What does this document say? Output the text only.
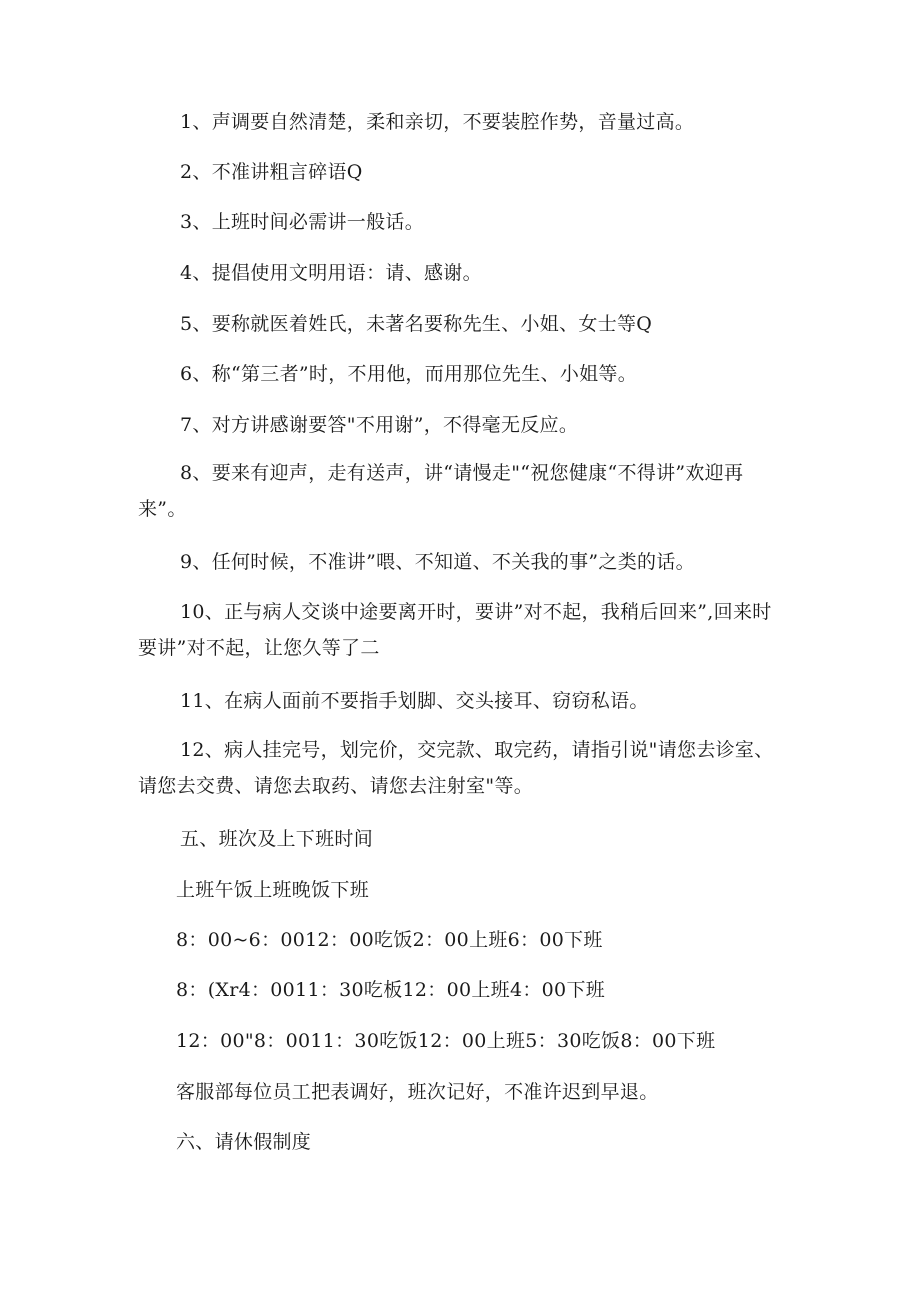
1、声调要自然清楚，柔和亲切，不要装腔作势，音量过高。

2、不准讲粗言碎语Q

3、上班时间必需讲一般话。

4、提倡使用文明用语：请、感谢。

5、要称就医着姓氏，未著名要称先生、小姐、女士等Q

6、称“第三者”时，不用他，而用那位先生、小姐等。

7、对方讲感谢要答"不用谢”，不得毫无反应。

8、要来有迎声，走有送声，讲“请慢走"“祝您健康“不得讲”欢迎再来”。

9、任何时候，不准讲”喂、不知道、不关我的事”之类的话。

10、正与病人交谈中途要离开时，要讲”对不起，我稍后回来”,回来时要讲”对不起，让您久等了二

11、在病人面前不要指手划脚、交头接耳、窃窃私语。

12、病人挂完号，划完价，交完款、取完药，请指引说"请您去诊室、请您去交费、请您去取药、请您去注射室"等。

五、班次及上下班时间

上班午饭上班晚饭下班

8：00~6：0012：00吃饭2：00上班6：00下班

8：(Xr4：0011：30吃板12：00上班4：00下班

12：00"8：0011：30吃饭12：00上班5：30吃饭8：00下班

客服部每位员工把表调好，班次记好，不准许迟到早退。

六、请休假制度
